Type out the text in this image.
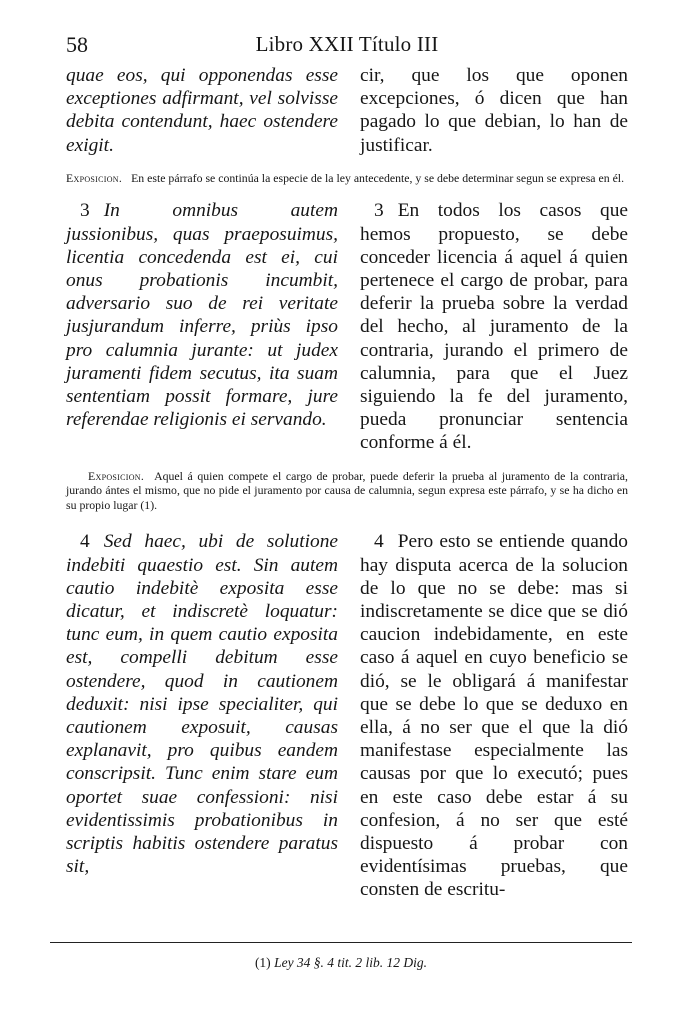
58	Libro XXII Título III
quae eos, qui opponendas esse exceptiones adfirmant, vel solvisse debita contendunt, haec ostendere exigit.
cir, que los que oponen excepciones, ó dicen que han pagado lo que debian, lo han de justificar.
Exposicion. En este párrafo se continúa la especie de la ley antecedente, y se debe determinar segun se expresa en él.
3 In omnibus autem jussionibus, quas praeposuimus, licentia concedenda est ei, cui onus probationis incumbit, adversario suo de rei veritate jusjurandum inferre, priùs ipso pro calumnia jurante: ut judex juramenti fidem secutus, ita suam sententiam possit formare, jure referendae religionis ei servando.
3 En todos los casos que hemos propuesto, se debe conceder licencia á aquel á quien pertenece el cargo de probar, para deferir la prueba sobre la verdad del hecho, al juramento de la contraria, jurando el primero de calumnia, para que el Juez siguiendo la fe del juramento, pueda pronunciar sentencia conforme á él.
Exposicion. Aquel á quien compete el cargo de probar, puede deferir la prueba al juramento de la contraria, jurando ántes el mismo, que no pide el juramento por causa de calumnia, segun expresa este párrafo, y se ha dicho en su propio lugar (1).
4 Sed haec, ubi de solutione indebiti quaestio est. Sin autem cautio indebitè exposita esse dicatur, et indiscretè loquatur: tunc eum, in quem cautio exposita est, compelli debitum esse ostendere, quod in cautionem deduxit: nisi ipse specialiter, qui cautionem exposuit, causas explanavit, pro quibus eandem conscripsit. Tunc enim stare eum oportet suae confessioni: nisi evidentissimis probationibus in scriptis habitis ostendere paratus sit,
4 Pero esto se entiende quando hay disputa acerca de la solucion de lo que no se debe: mas si indiscretamente se dice que se dió caucion indebidamente, en este caso á aquel en cuyo beneficio se dió, se le obligará á manifestar que se debe lo que se deduxo en ella, á no ser que el que la dió manifestase especialmente las causas por que lo executó; pues en este caso debe estar á su confesion, á no ser que esté dispuesto á probar con evidentísimas pruebas, que consten de escritu-
(1) Ley 34 §. 4 tit. 2 lib. 12 Dig.
